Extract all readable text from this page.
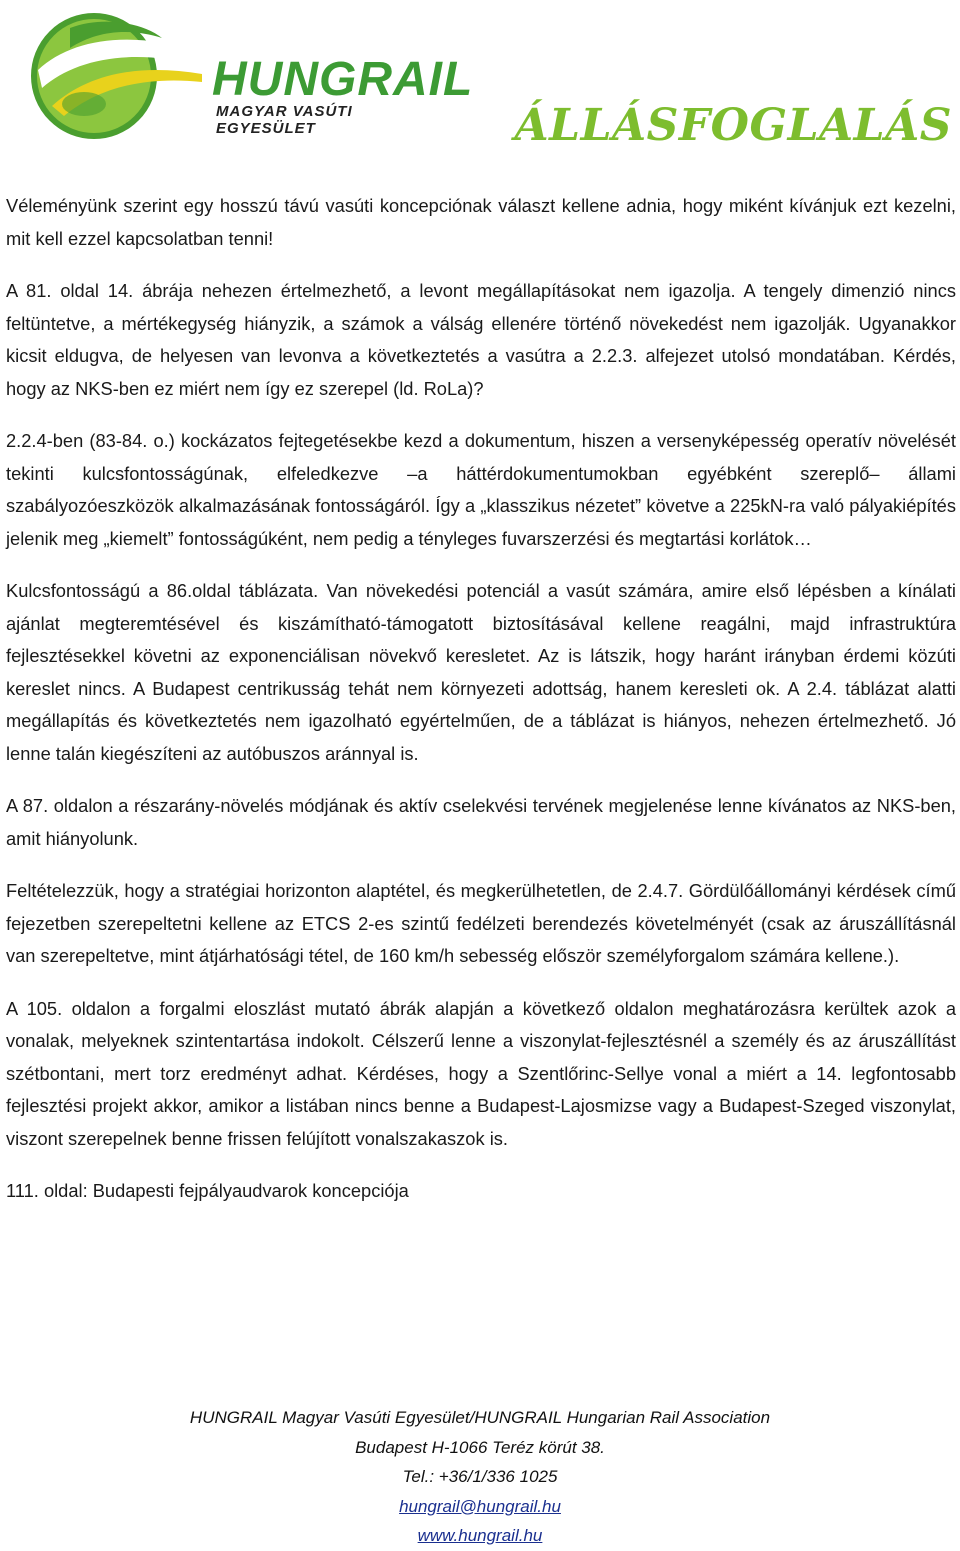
HUNGRAIL
MAGYAR VASÚTI EGYESÜLET	ÁLLÁSFOGLALÁS

Véleményünk szerint egy hosszú távú vasúti koncepciónak választ kellene adnia, hogy miként kívánjuk ezt kezelni, mit kell ezzel kapcsolatban tenni!

A 81. oldal 14. ábrája nehezen értelmezhető, a levont megállapításokat nem igazolja. A tengely dimenzió nincs feltüntetve, a mértékegység hiányzik, a számok a válság ellenére történő növekedést nem igazolják. Ugyanakkor kicsit eldugva, de helyesen van levonva a következtetés a vasútra a 2.2.3. alfejezet utolsó mondatában. Kérdés, hogy az NKS-ben ez miért nem így ez szerepel (ld. RoLa)?

2.2.4-ben (83-84. o.) kockázatos fejtegetésekbe kezd a dokumentum, hiszen a versenyképesség operatív növelését tekinti kulcsfontosságúnak, elfeledkezve –a háttérdokumentumokban egyébként szereplő– állami szabályozóeszközök alkalmazásának fontosságáról. Így a „klasszikus nézetet” követve a 225kN-ra való pályakiépítés jelenik meg „kiemelt” fontosságúként, nem pedig a tényleges fuvarszerzési és megtartási korlátok…

Kulcsfontosságú a 86.oldal táblázata. Van növekedési potenciál a vasút számára, amire első lépésben a kínálati ajánlat megteremtésével és kiszámítható-támogatott biztosításával kellene reagálni, majd infrastruktúra fejlesztésekkel követni az exponenciálisan növekvő keresletet. Az is látszik, hogy haránt irányban érdemi közúti kereslet nincs. A Budapest centrikusság tehát nem környezeti adottság, hanem keresleti ok. A 2.4. táblázat alatti megállapítás és következtetés nem igazolható egyértelműen, de a táblázat is hiányos, nehezen értelmezhető. Jó lenne talán kiegészíteni az autóbuszos aránnyal is.

A 87. oldalon a részarány-növelés módjának és aktív cselekvési tervének megjelenése lenne kívánatos az NKS-ben, amit hiányolunk.

Feltételezzük, hogy a stratégiai horizonton alaptétel, és megkerülhetetlen, de 2.4.7. Gördülőállományi kérdések című fejezetben szerepeltetni kellene az ETCS 2-es szintű fedélzeti berendezés követelményét (csak az áruszállításnál van szerepeltetve, mint átjárhatósági tétel, de 160 km/h sebesség először személyforgalom számára kellene.).

A 105. oldalon a forgalmi eloszlást mutató ábrák alapján a következő oldalon meghatározásra kerültek azok a vonalak, melyeknek szintentartása indokolt. Célszerű lenne a viszonylat-fejlesztésnél a személy és az áruszállítást szétbontani, mert torz eredményt adhat. Kérdéses, hogy a Szentlőrinc-Sellye vonal a miért a 14. legfontosabb fejlesztési projekt akkor, amikor a listában nincs benne a Budapest-Lajosmizse vagy a Budapest-Szeged viszonylat, viszont szerepelnek benne frissen felújított vonalszakaszok is.

111. oldal: Budapesti fejpályaudvarok koncepciója

HUNGRAIL Magyar Vasúti Egyesület/HUNGRAIL Hungarian Rail Association
Budapest H-1066 Teréz körút 38.
Tel.: +36/1/336 1025
hungrail@hungrail.hu
www.hungrail.hu
